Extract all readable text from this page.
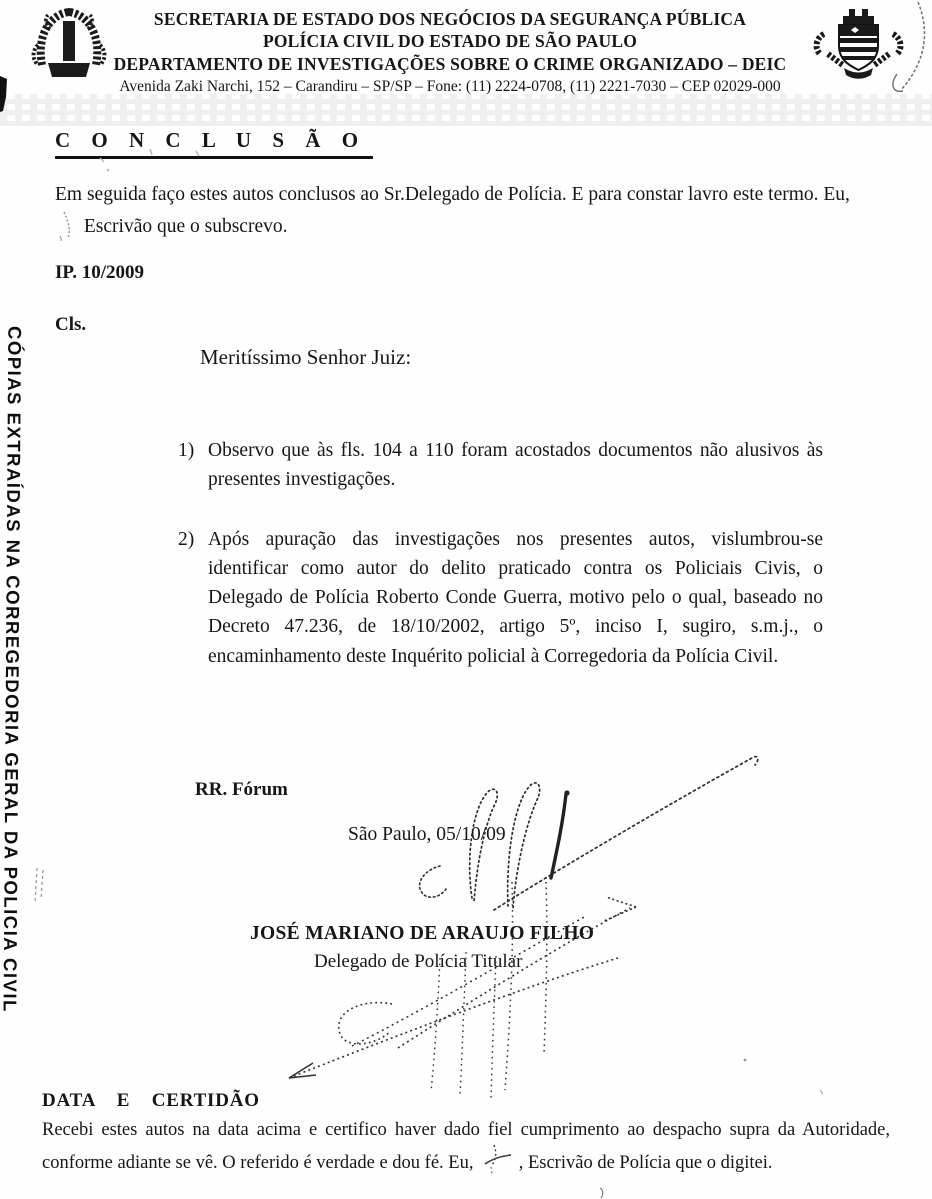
SECRETARIA DE ESTADO DOS NEGÓCIOS DA SEGURANÇA PÚBLICA
POLÍCIA CIVIL DO ESTADO DE SÃO PAULO
DEPARTAMENTO DE INVESTIGAÇÕES SOBRE O CRIME ORGANIZADO – DEIC
Avenida Zaki Narchi, 152 – Carandiru – SP/SP – Fone: (11) 2224-0708, (11) 2221-7030 – CEP 02029-000
CÓPIAS EXTRAÍDAS NA CORREGEDORIA GERAL DA POLICIA CIVIL
C O N C L U S Ã O
Em seguida faço estes autos conclusos ao Sr.Delegado de Polícia. E para constar lavro este termo. Eu,
Escrivão que o subscrevo.
IP. 10/2009
Cls.
Meritíssimo Senhor Juiz:
1) Observo que às fls. 104 a 110 foram acostados documentos não alusivos às presentes investigações.
2) Após apuração das investigações nos presentes autos, vislumbrou-se identificar como autor do delito praticado contra os Policiais Civis, o Delegado de Polícia Roberto Conde Guerra, motivo pelo o qual, baseado no Decreto 47.236, de 18/10/2002, artigo 5º, inciso I, sugiro, s.m.j., o encaminhamento deste Inquérito policial à Corregedoria da Polícia Civil.
RR. Fórum
São Paulo, 05/10/09
JOSÉ MARIANO DE ARAUJO FILHO
Delegado de Polícia Titular
DATA E CERTIDÃO
Recebi estes autos na data acima e certifico haver dado fiel cumprimento ao despacho supra da Autoridade, conforme adiante se vê. O referido é verdade e dou fé. Eu, , Escrivão de Polícia que o digitei.
